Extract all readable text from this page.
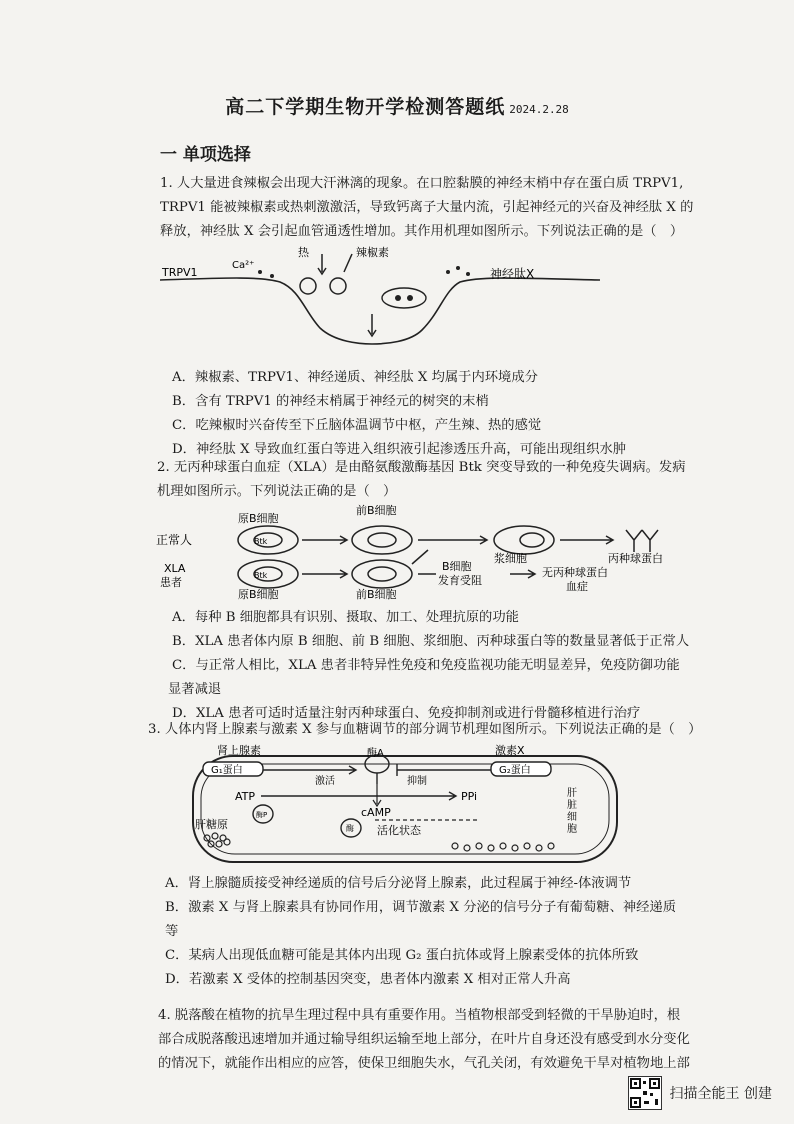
高二下学期生物开学检测答题纸 2024.2.28
一 单项选择
1. 人大量进食辣椒会出现大汗淋漓的现象。在口腔黏膜的神经末梢中存在蛋白质 TRPV1,
TRPV1 能被辣椒素或热刺激激活，导致钙离子大量内流，引起神经元的兴奋及神经肽 X 的
释放，神经肽 X 会引起血管通透性增加。其作用机理如图所示。下列说法正确的是（　）
热	辣椒素
Ca²⁺
TRPV1	神经肽X
A．辣椒素、TRPV1、神经递质、神经肽 X 均属于内环境成分
B．含有 TRPV1 的神经末梢属于神经元的树突的末梢
C．吃辣椒时兴奋传至下丘脑体温调节中枢，产生辣、热的感觉
D．神经肽 X 导致血红蛋白等进入组织液引起渗透压升高，可能出现组织水肿
2. 无丙种球蛋白血症（XLA）是由酪氨酸激酶基因 Btk 突变导致的一种免疫失调病。发病
机理如图所示。下列说法正确的是（　）
正常人
XLA
患者
原B细胞
前B细胞
浆细胞	丙种球蛋白
Btk
Btk
B细胞
发育受阻
无丙种球蛋白
血症
原B细胞	前B细胞
A．每种 B 细胞都具有识别、摄取、加工、处理抗原的功能
B．XLA 患者体内原 B 细胞、前 B 细胞、浆细胞、丙种球蛋白等的数量显著低于正常人
C．与正常人相比，XLA 患者非特异性免疫和免疫监视功能无明显差异，免疫防御功能
显著减退
D．XLA 患者可适时适量注射丙种球蛋白、免疫抑制剂或进行骨髓移植进行治疗
3. 人体内肾上腺素与激素 X 参与血糖调节的部分调节机理如图所示。下列说法正确的是（　）
肾上腺素	激素X
G₁蛋白	G₂蛋白
酶A
激活	抑制
ATP
cAMP
PPi
酶P
酶 活化状态
肝糖原
肝
脏
细
胞
A．肾上腺髓质接受神经递质的信号后分泌肾上腺素，此过程属于神经-体液调节
B．激素 X 与肾上腺素具有协同作用，调节激素 X 分泌的信号分子有葡萄糖、神经递质
等
C．某病人出现低血糖可能是其体内出现 G₂ 蛋白抗体或肾上腺素受体的抗体所致
D．若激素 X 受体的控制基因突变，患者体内激素 X 相对正常人升高
4. 脱落酸在植物的抗旱生理过程中具有重要作用。当植物根部受到轻微的干旱胁迫时，根
部合成脱落酸迅速增加并通过输导组织运输至地上部分，在叶片自身还没有感受到水分变化
的情况下，就能作出相应的应答，使保卫细胞失水，气孔关闭，有效避免干旱对植物地上部
扫描全能王 创建
